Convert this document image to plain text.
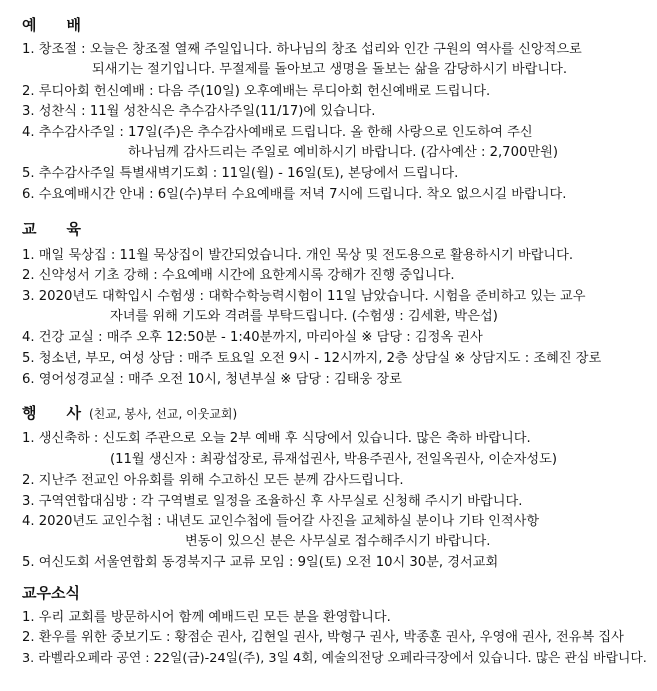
예배
1. 창조절 : 오늘은 창조절 열째 주일입니다. 하나님의 창조 섭리와 인간 구원의 역사를 신앙적으로
되새기는 절기입니다. 무절제를 돌아보고 생명을 돌보는 삶을 감당하시기 바랍니다.
2. 루디아회 헌신예배 : 다음 주(10일) 오후예배는 루디아회 헌신예배로 드립니다.
3. 성찬식 : 11월 성찬식은 추수감사주일(11/17)에 있습니다.
4. 추수감사주일 : 17일(주)은 추수감사예배로 드립니다. 올 한해 사랑으로 인도하여 주신
하나님께 감사드리는 주일로 예비하시기 바랍니다. (감사예산 : 2,700만원)
5. 추수감사주일 특별새벽기도회 : 11일(월) - 16일(토), 본당에서 드립니다.
6. 수요예배시간 안내 : 6일(수)부터 수요예배를 저녁 7시에 드립니다. 착오 없으시길 바랍니다.
교육
1. 매일 묵상집 : 11월 묵상집이 발간되었습니다. 개인 묵상 및 전도용으로 활용하시기 바랍니다.
2. 신약성서 기초 강해 : 수요예배 시간에 요한계시록 강해가 진행 중입니다.
3. 2020년도 대학입시 수험생 : 대학수학능력시험이 11일 남았습니다. 시험을 준비하고 있는 교우
자녀를 위해 기도와 격려를 부탁드립니다. (수험생 : 김세환, 박은섭)
4. 건강 교실 : 매주 오후 12:50분 - 1:40분까지, 마리아실 ※ 담당 : 김정옥 권사
5. 청소년, 부모, 여성 상담 : 매주 토요일 오전 9시 - 12시까지, 2층 상담실 ※ 상담지도 : 조혜진 장로
6. 영어성경교실 : 매주 오전 10시, 청년부실 ※ 담당 : 김태웅 장로
행사(친교, 봉사, 선교, 이웃교회)
1. 생신축하 : 신도회 주관으로 오늘 2부 예배 후 식당에서 있습니다. 많은 축하 바랍니다.
(11월 생신자 : 최광섭장로, 류재섭권사, 박용주권사, 전일옥권사, 이순자성도)
2. 지난주 전교인 아유회를 위해 수고하신 모든 분께 감사드립니다.
3. 구역연합대심방 : 각 구역별로 일정을 조율하신 후 사무실로 신청해 주시기 바랍니다.
4. 2020년도 교인수첩 : 내년도 교인수첩에 들어갈 사진을 교체하실 분이나 기타 인적사항
변동이 있으신 분은 사무실로 접수해주시기 바랍니다.
5. 여신도회 서울연합회 동경북지구 교류 모임 : 9일(토) 오전 10시 30분, 경서교회
교우소식
1. 우리 교회를 방문하시어 함께 예배드린 모든 분을 환영합니다.
2. 환우를 위한 중보기도 : 황점순 권사, 김현일 권사, 박형구 권사, 박종훈 권사, 우영애 권사, 전유복 집사
3. 라벨라오페라 공연 : 22일(금)-24일(주), 3일 4회, 예술의전당 오페라극장에서 있습니다. 많은 관심 바랍니다.
